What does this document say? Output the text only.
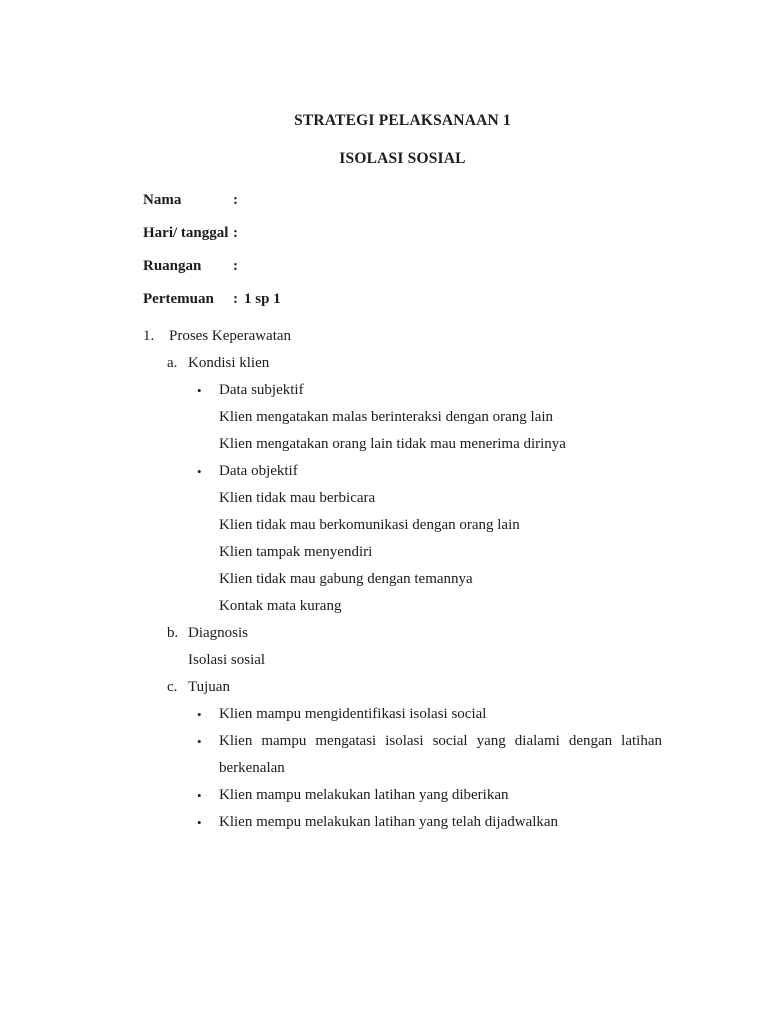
STRATEGI PELAKSANAAN 1
ISOLASI SOSIAL

Nama	:

Hari/ tanggal :

Ruangan :

Pertemuan : 1 sp 1

1. Proses Keperawatan
a. Kondisi klien
•	Data subjektif

Klien mengatakan malas berinteraksi dengan orang lain

Klien mengatakan orang lain tidak mau menerima dirinya

•	Data objektif

Klien tidak mau berbicara

Klien tidak mau berkomunikasi dengan orang lain

Klien tampak menyendiri

Klien tidak mau gabung dengan temannya

Kontak mata kurang

b. Diagnosis

Isolasi sosial

c. Tujuan
•	Klien mampu mengidentifikasi isolasi social
•	Klien mampu mengatasi isolasi social yang dialami dengan latihan berkenalan
•	Klien mampu melakukan latihan yang diberikan
•	Klien mempu melakukan latihan yang telah dijadwalkan
